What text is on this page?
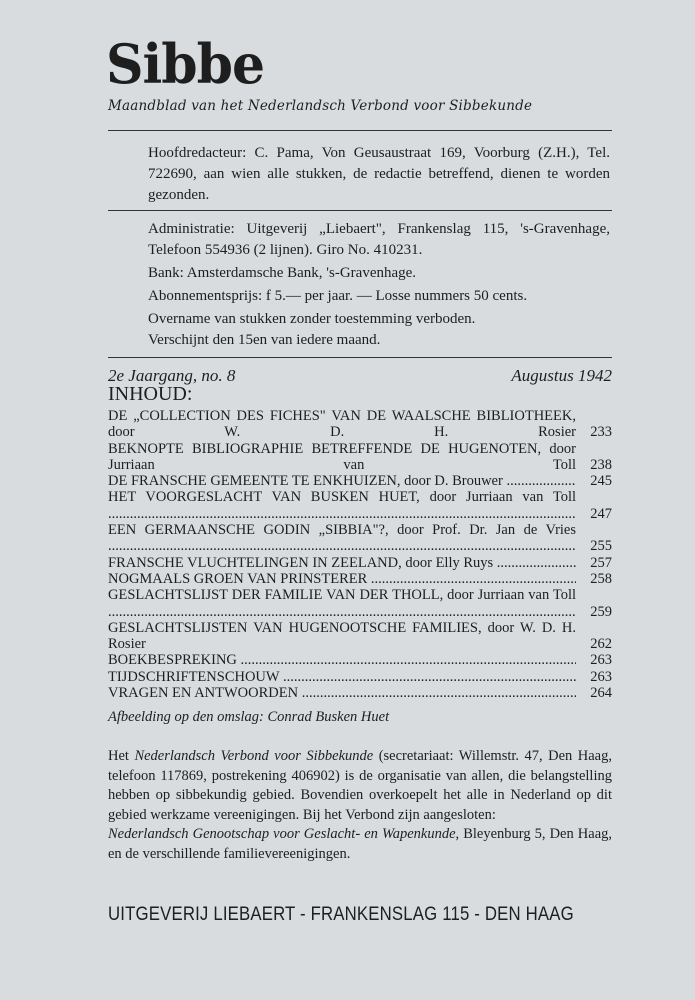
Sibbe
Maandblad van het Nederlandsch Verbond voor Sibbekunde
Hoofdredacteur: C. Pama, Von Geusaustraat 169, Voorburg (Z.H.), Tel. 722690, aan wien alle stukken, de redactie betreffend, dienen te worden gezonden.

Administratie: Uitgeverij „Liebaert", Frankenslag 115, 's-Gravenhage, Telefoon 554936 (2 lijnen). Giro No. 410231.

Bank: Amsterdamsche Bank, 's-Gravenhage.

Abonnementsprijs: f 5.— per jaar. — Losse nummers 50 cents.

Overname van stukken zonder toestemming verboden.

Verschijnt den 15en van iedere maand.

2e Jaargang, no. 8	Augustus 1942
INHOUD:
DE „COLLECTION DES FICHES" VAN DE WAALSCHE BIBLIOTHEEK, door W. D. H. Rosier ..... 233
BEKNOPTE BIBLIOGRAPHIE BETREFFENDE DE HUGENOTEN, door Jurriaan van Toll ..... 238
DE FRANSCHE GEMEENTE TE ENKHUIZEN, door D. Brouwer .....	245
HET VOORGESLACHT VAN BUSKEN HUET, door Jurriaan van Toll .....
247
EEN GERMAANSCHE GODIN „SIBBIA"?, door Prof. Dr. Jan de Vries .....
255
FRANSCHE VLUCHTELINGEN IN ZEELAND, door Elly Ruys .....	257
NOGMAALS GROEN VAN PRINSTERER .....	258
GESLACHTSLIJST DER FAMILIE VAN DER THOLL, door Jurriaan van Toll .....
259
GESLACHTSLIJSTEN VAN HUGENOOTSCHE FAMILIES, door W. D. H. Rosier .....	262
BOEKBESPREKING .....	263
TIJDSCHRIFTENSCHOUW .....	263
VRAGEN EN ANTWOORDEN .....	264
Afbeelding op den omslag: Conrad Busken Huet
Het Nederlandsch Verbond voor Sibbekunde (secretariaat: Willemstr. 47, Den Haag, telefoon 117869, postrekening 406902) is de organisatie van allen, die belangstelling hebben op sibbekundig gebied. Bovendien overkoepelt het alle in Nederland op dit gebied werkzame vereenigingen. Bij het Verbond zijn aangesloten:
Nederlandsch Genootschap voor Geslacht- en Wapenkunde, Bleyenburg 5, Den Haag, en de verschillende familievereenigingen.
UITGEVERIJ LIEBAERT - FRANKENSLAG 115 - DEN HAAG
